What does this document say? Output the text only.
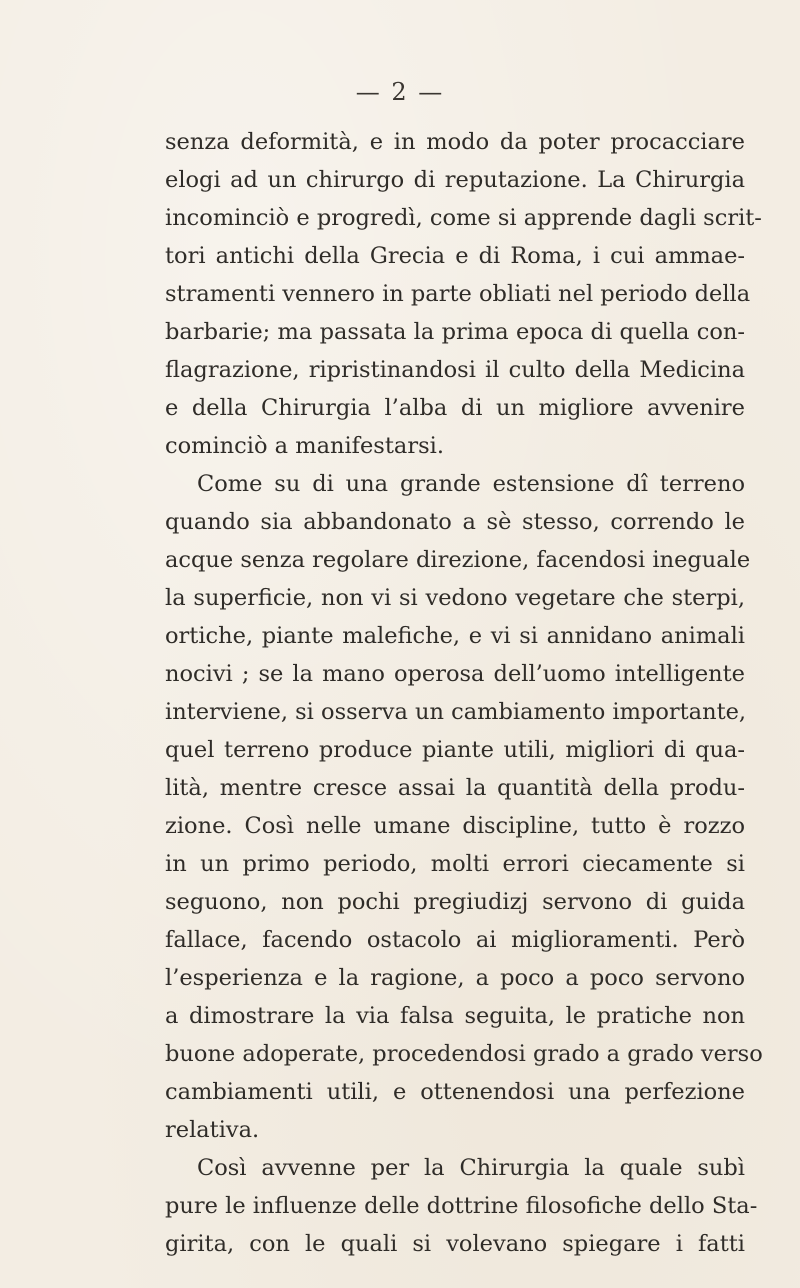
— 2 —
senza deformità, e in modo da poter procacciare
elogi ad un chirurgo di reputazione. La Chirurgia
incominciò e progredì, come si apprende dagli scrit-
tori antichi della Grecia e di Roma, i cui ammae-
stramenti vennero in parte obliati nel periodo della
barbarie; ma passata la prima epoca di quella con-
flagrazione, ripristinandosi il culto della Medicina
e della Chirurgia l’alba di un migliore avvenire
cominciò a manifestarsi.
Come su di una grande estensione dî terreno
quando sia abbandonato a sè stesso, correndo le
acque senza regolare direzione, facendosi ineguale
la superficie, non vi si vedono vegetare che sterpi,
ortiche, piante malefiche, e vi si annidano animali
nocivi ; se la mano operosa dell’uomo intelligente
interviene, si osserva un cambiamento importante,
quel terreno produce piante utili, migliori di qua-
lità, mentre cresce assai la quantità della produ-
zione. Così nelle umane discipline, tutto è rozzo
in un primo periodo, molti errori ciecamente si
seguono, non pochi pregiudizj servono di guida
fallace, facendo ostacolo ai miglioramenti. Però
l’esperienza e la ragione, a poco a poco servono
a dimostrare la via falsa seguita, le pratiche non
buone adoperate, procedendosi grado a grado verso
cambiamenti utili, e ottenendosi una perfezione
relativa.
Così avvenne per la Chirurgia la quale subì
pure le influenze delle dottrine filosofiche dello Sta-
girita, con le quali si volevano spiegare i fatti
